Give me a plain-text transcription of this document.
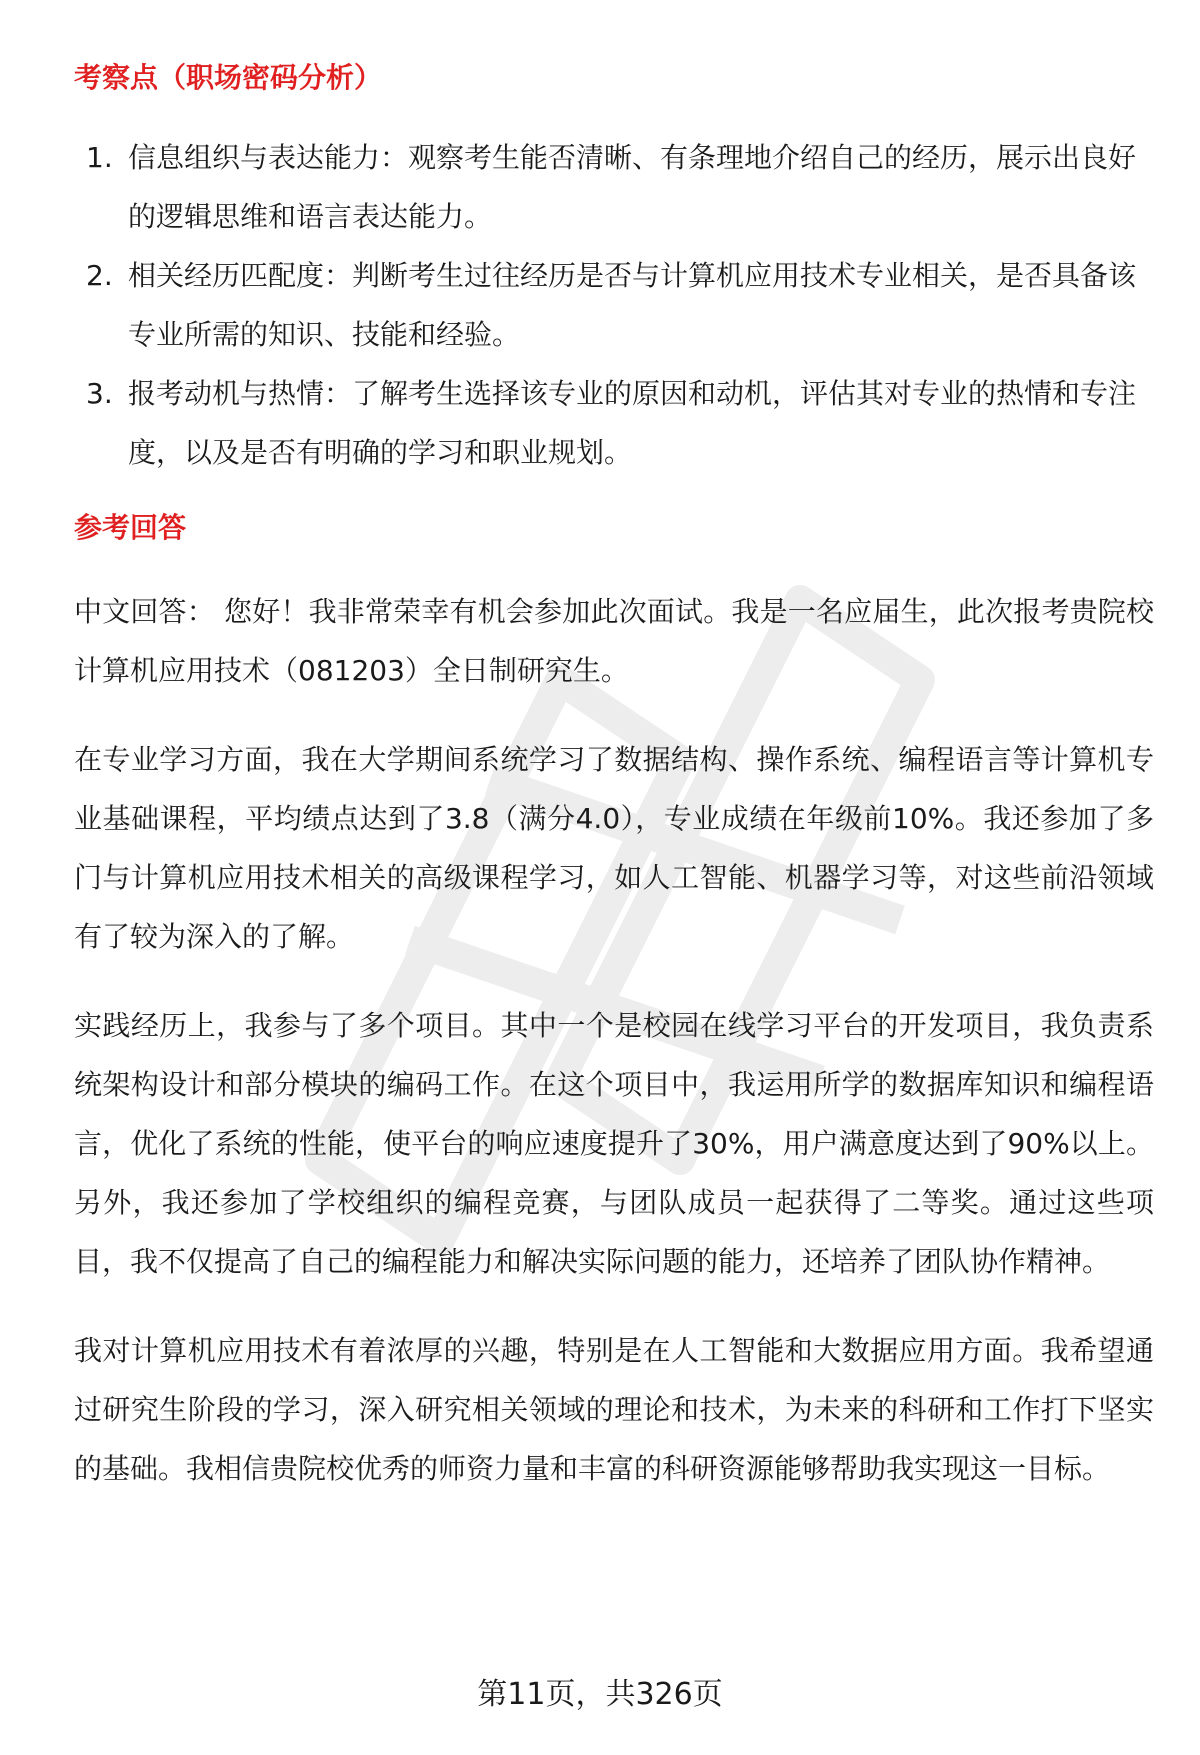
考察点（职场密码分析）
1. 信息组织与表达能力：观察考生能否清晰、有条理地介绍自己的经历，展示出良好的逻辑思维和语言表达能力。
2. 相关经历匹配度：判断考生过往经历是否与计算机应用技术专业相关，是否具备该专业所需的知识、技能和经验。
3. 报考动机与热情：了解考生选择该专业的原因和动机，评估其对专业的热情和专注度，以及是否有明确的学习和职业规划。
参考回答

中文回答： 您好！我非常荣幸有机会参加此次面试。我是一名应届生，此次报考贵院校计算机应用技术（081203）全日制研究生。

在专业学习方面，我在大学期间系统学习了数据结构、操作系统、编程语言等计算机专业基础课程，平均绩点达到了3.8（满分4.0），专业成绩在年级前10%。我还参加了多门与计算机应用技术相关的高级课程学习，如人工智能、机器学习等，对这些前沿领域有了较为深入的了解。

实践经历上，我参与了多个项目。其中一个是校园在线学习平台的开发项目，我负责系统架构设计和部分模块的编码工作。在这个项目中，我运用所学的数据库知识和编程语言，优化了系统的性能，使平台的响应速度提升了30%，用户满意度达到了90%以上。另外，我还参加了学校组织的编程竞赛，与团队成员一起获得了二等奖。通过这些项目，我不仅提高了自己的编程能力和解决实际问题的能力，还培养了团队协作精神。

我对计算机应用技术有着浓厚的兴趣，特别是在人工智能和大数据应用方面。我希望通过研究生阶段的学习，深入研究相关领域的理论和技术，为未来的科研和工作打下坚实的基础。我相信贵院校优秀的师资力量和丰富的科研资源能够帮助我实现这一目标。

第11页，共326页
